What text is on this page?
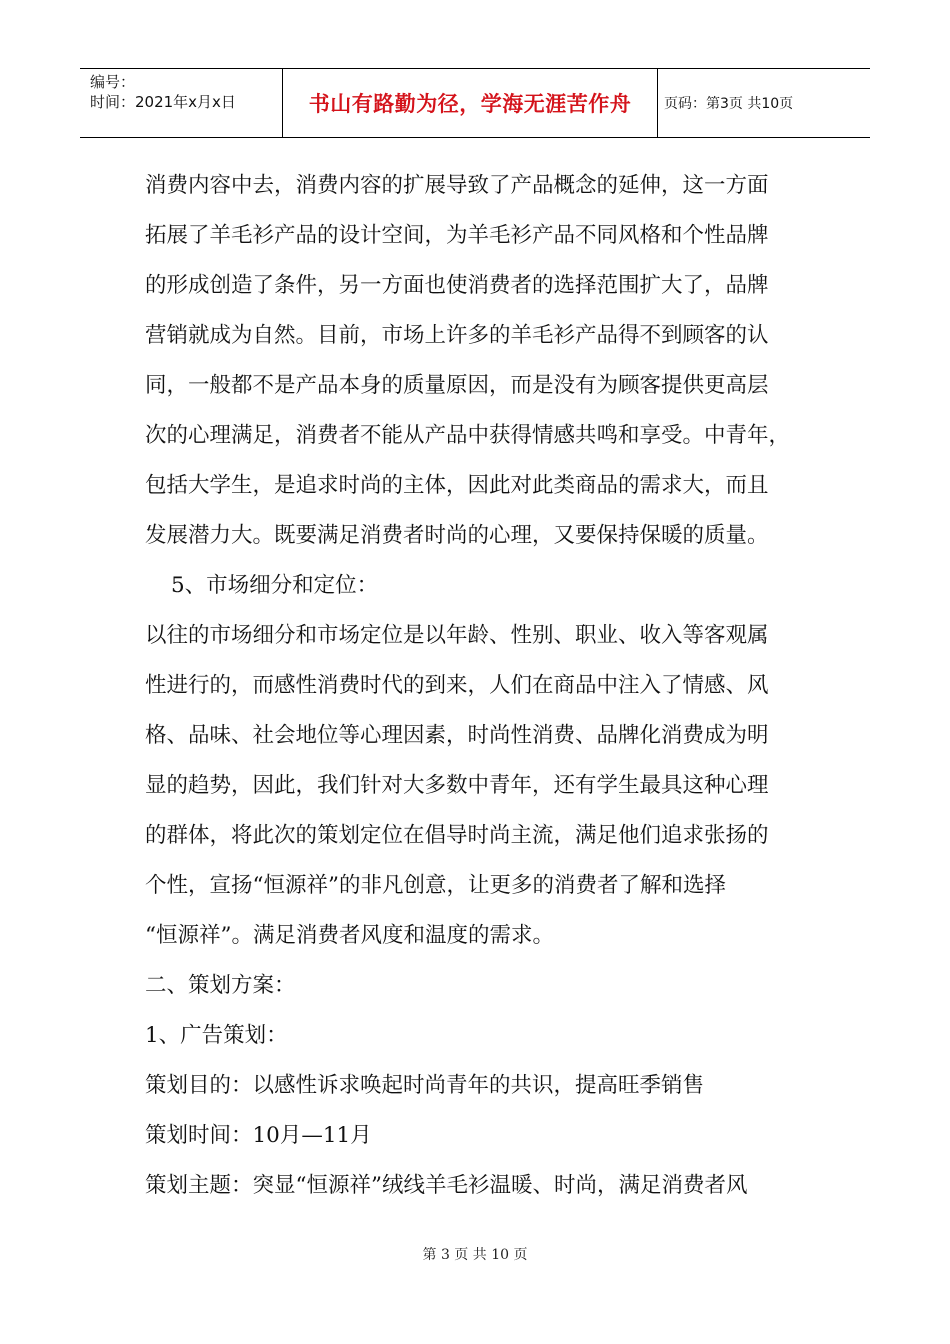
编号：
时间：2021年x月x日	书山有路勤为径，学海无涯苦作舟 页码：第3页 共10页
消费内容中去，消费内容的扩展导致了产品概念的延伸，这一方面
拓展了羊毛衫产品的设计空间，为羊毛衫产品不同风格和个性品牌
的形成创造了条件，另一方面也使消费者的选择范围扩大了，品牌
营销就成为自然。目前，市场上许多的羊毛衫产品得不到顾客的认
同，一般都不是产品本身的质量原因，而是没有为顾客提供更高层
次的心理满足，消费者不能从产品中获得情感共鸣和享受。中青年，
包括大学生，是追求时尚的主体，因此对此类商品的需求大，而且
发展潜力大。既要满足消费者时尚的心理，又要保持保暖的质量。
5、市场细分和定位：
以往的市场细分和市场定位是以年龄、性别、职业、收入等客观属
性进行的，而感性消费时代的到来，人们在商品中注入了情感、风
格、品味、社会地位等心理因素，时尚性消费、品牌化消费成为明
显的趋势，因此，我们针对大多数中青年，还有学生最具这种心理
的群体，将此次的策划定位在倡导时尚主流，满足他们追求张扬的
个性，宣扬“恒源祥”的非凡创意，让更多的消费者了解和选择
“恒源祥”。满足消费者风度和温度的需求。
二、策划方案：
1、广告策划：
策划目的：以感性诉求唤起时尚青年的共识，提高旺季销售
策划时间：10月—11月
策划主题：突显“恒源祥”绒线羊毛衫温暖、时尚，满足消费者风
第 3 页 共 10 页
